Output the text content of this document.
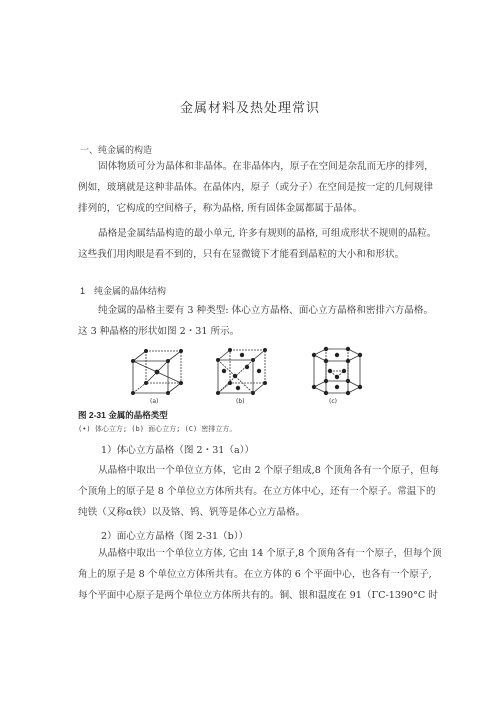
金属材料及热处理常识
一、纯金属的构造
固体物质可分为晶体和非晶体。在非晶体内，原子在空间是杂乱而无序的排列，
例如，玻璃就是这种非晶体。在晶体内，原子（或分子）在空间是按一定的几何规律
排列的，它构成的空间格子，称为晶格, 所有固体金属都属于晶体。
晶格是金属结晶构造的最小单元, 许多有规则的晶格, 可组成形状不规则的晶粒。
这些我们用肉眼是看不到的，只有在显微镜下才能看到晶粒的大小和和形状。
1　纯金属的晶体结构
纯金属的晶格主要有 3 种类型: 体心立方晶格、面心立方晶格和密排六方晶格。
这 3 种晶格的形状如图 2・31 所示。
(a)	(b)	(c)
图 2-31 金属的晶格类型
(•) 体心立方; (b) 面心立方; (C) 密排立方。
1）体心立方晶格（图 2・31（a））
从晶格中取出一个单位立方体，它由 2 个原子组成,8 个顶角各有一个原子，但每
个顶角上的原子是 8 个单位立方体所共有。在立方体中心，还有一个原子。常温下的
纯铁（又称α铁）以及铬、钨、钒等是体心立方晶格。
2）面心立方晶格（图 2-31（b））
从晶格中取出一个单位立方体, 它由 14 个原子,8 个顶角各有一个原子，但每个顶
角上的原子是 8 个单位立方体所共有。在立方体的 6 个平面中心，也各有一个原子,
每个平面中心原子是两个单位立方体所共有的。铜、银和温度在 91（ΓC-1390°C 时
